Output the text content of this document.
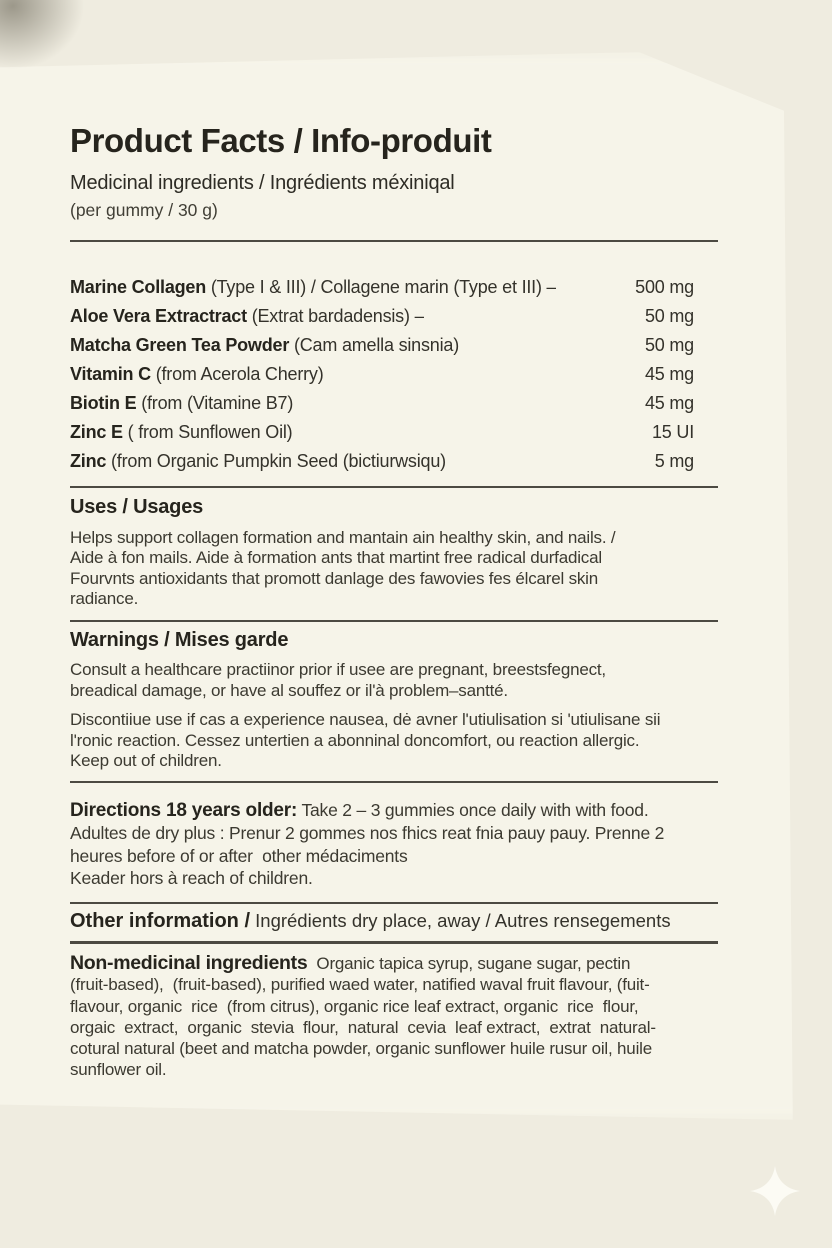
Product Facts / Info-produit
Medicinal ingredients / Ingrédients méxiniqal
(per gummy / 30 g)
Marine Collagen (Type I & III) / Collagene marin (Type et III) –	500 mg
Aloe Vera Extractract (Extrat bardadensis) –	50 mg
Matcha Green Tea Powder (Cam amella sinsnia)	50 mg
Vitamin C (from Acerola Cherry)	45 mg
Biotin E (from (Vitamine B7)	45 mg
Zinc E ( from Sunflowen Oil)	15 UI
Zinc (from Organic Pumpkin Seed (bictiurwsiqu)	5 mg
Uses / Usages
Helps support collagen formation and mantain ain healthy skin, and nails. /
Aide à fon mails. Aide à formation ants that martint free radical durfadical
Fourvnts antioxidants that promott danlage des fawovies fes élcarel skin
radiance.
Warnings / Mises garde
Consult a healthcare practiinor prior if usee are pregnant, breestsfegnect,
breadical damage, or have al souffez or il'à problem–santté.
Discontiiue use if cas a experience nausea, dė avner l'utiulisation si 'utiulisane sii
l'ronic reaction. Cessez untertien a abonninal doncomfort, ou reaction allergic.
Keep out of children.
Directions 18 years older: Take 2 – 3 gummies once daily with with food.
Adultes de dry plus : Prenur 2 gommes nos fhics reat fnia pauy pauy. Prenne 2
heures before of or after  other médaciments
Keader hors à reach of children.
Other information / Ingrédients dry place, away / Autres rensegements
Non-medicinal ingredients  Organic tapica syrup, sugane sugar, pectin
(fruit-based),  (fruit-based), purified waed water, natified waval fruit flavour, (fuit-
flavour, organic  rice  (from citrus), organic rice leaf extract, organic  rice  flour,
orgaic  extract,  organic  stevia  flour,  natural  cevia  leaf extract,  extrat  natural-
cotural natural (beet and matcha powder, organic sunflower huile rusur oil, huile
sunflower oil.
